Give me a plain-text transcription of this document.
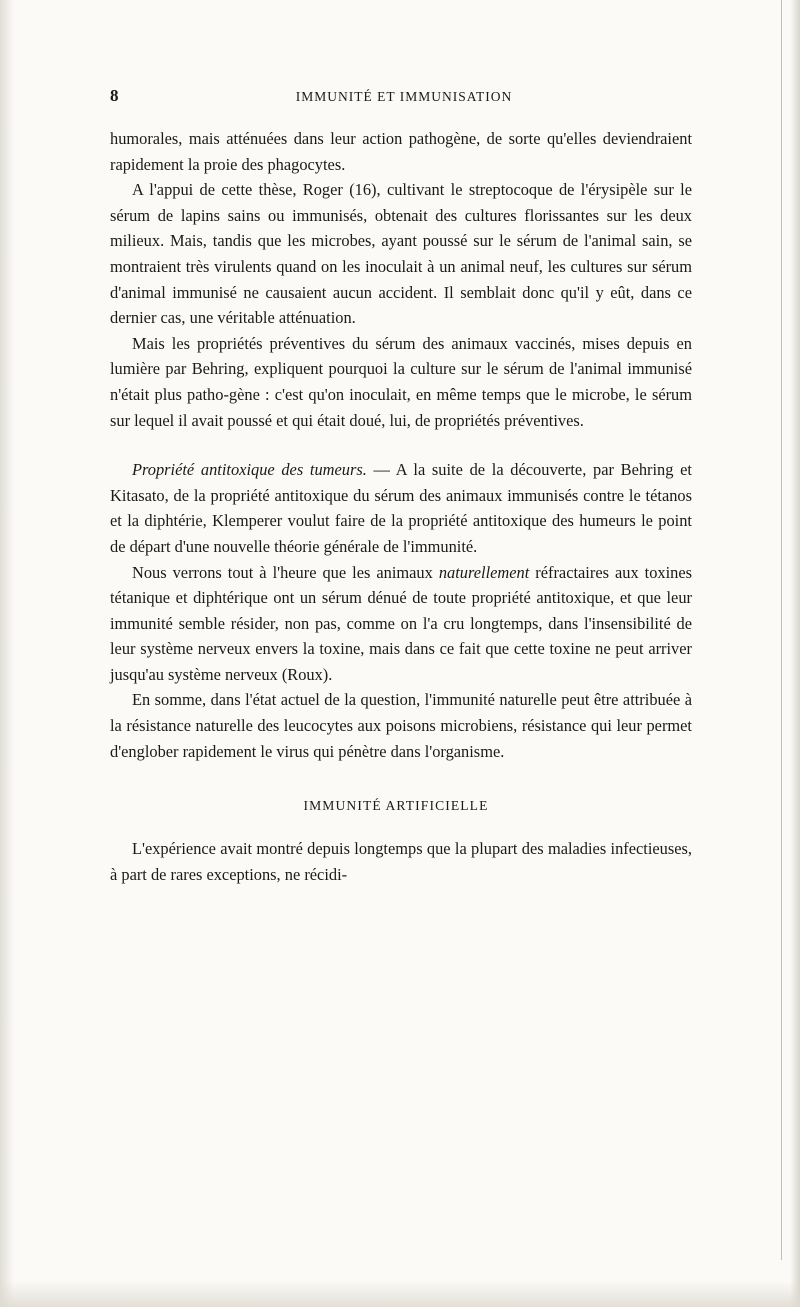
8	IMMUNITÉ ET IMMUNISATION

humorales, mais atténuées dans leur action pathogène, de sorte qu'elles deviendraient rapidement la proie des phagocytes.

A l'appui de cette thèse, Roger (16), cultivant le streptocoque de l'érysipèle sur le sérum de lapins sains ou immunisés, obtenait des cultures florissantes sur les deux milieux. Mais, tandis que les microbes, ayant poussé sur le sérum de l'animal sain, se montraient très virulents quand on les inoculait à un animal neuf, les cultures sur sérum d'animal immunisé ne causaient aucun accident. Il semblait donc qu'il y eût, dans ce dernier cas, une véritable atténuation.

Mais les propriétés préventives du sérum des animaux vaccinés, mises depuis en lumière par Behring, expliquent pourquoi la culture sur le sérum de l'animal immunisé n'était plus patho-gène : c'est qu'on inoculait, en même temps que le microbe, le sérum sur lequel il avait poussé et qui était doué, lui, de propriétés préventives.

Propriété antitoxique des tumeurs. — A la suite de la découverte, par Behring et Kitasato, de la propriété antitoxique du sérum des animaux immunisés contre le tétanos et la diphtérie, Klemperer voulut faire de la propriété antitoxique des humeurs le point de départ d'une nouvelle théorie générale de l'immunité.

Nous verrons tout à l'heure que les animaux naturellement réfractaires aux toxines tétanique et diphtérique ont un sérum dénué de toute propriété antitoxique, et que leur immunité semble résider, non pas, comme on l'a cru longtemps, dans l'insensibilité de leur système nerveux envers la toxine, mais dans ce fait que cette toxine ne peut arriver jusqu'au système nerveux (Roux).

En somme, dans l'état actuel de la question, l'immunité naturelle peut être attribuée à la résistance naturelle des leucocytes aux poisons microbiens, résistance qui leur permet d'englober rapidement le virus qui pénètre dans l'organisme.

IMMUNITÉ ARTIFICIELLE

L'expérience avait montré depuis longtemps que la plupart des maladies infectieuses, à part de rares exceptions, ne récidi-
